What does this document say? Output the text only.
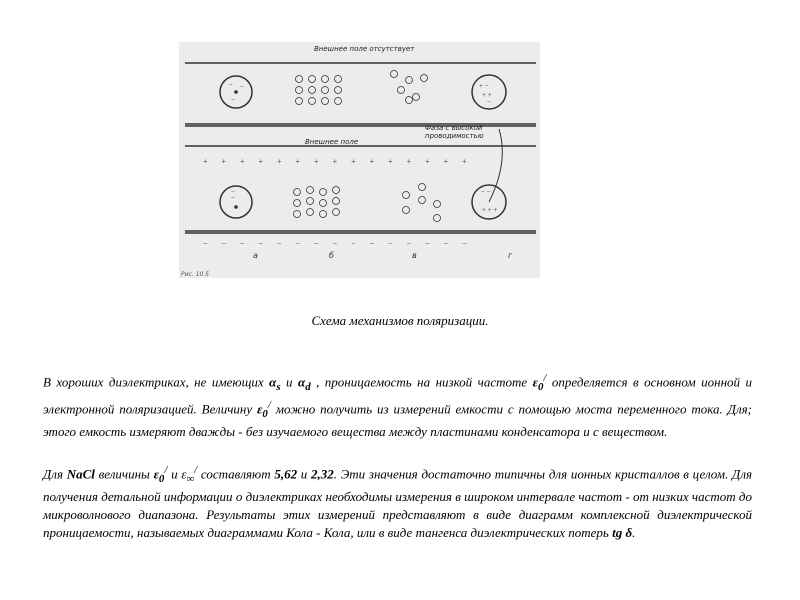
Внешнее поле отсутствует
Внешнее поле
Фаза с высокой
проводимостью
− −
−
+ −
+ +
−
+++++++++++++++
−
−
− −
+ + +
−−−−−−−−−−−−−−−
а	б	в	г
Рис. 10.5
Схема механизмов поляризации.

В хороших диэлектриках, не имеющих $\alpha_s$ и $\alpha_d$ , проницаемость на низкой частоте $\varepsilon_0^/$ определяется в основном ионной и электронной поляризацией. Величину $\varepsilon_0^/$ можно получить из измерений емкости с помощью моста переменного тока. Для; этого емкость измеряют дважды - без изучаемого вещества между пластинами конденсатора и с веществом.

Для NaCl величины $\varepsilon_0^/$ и $\varepsilon_\infty^/$ составляют 5,62 и 2,32. Эти значения достаточно типичны для ионных кристаллов в целом. Для получения детальной информации о диэлектриках необходимы измерения в широком интервале частот - от низких частот до микроволнового диапазона. Результаты этих измерений представляют в виде диаграмм комплексной диэлектрической проницаемости, называемых диаграммами Кола - Кола, или в виде тангенса диэлектрических потерь tg δ.
